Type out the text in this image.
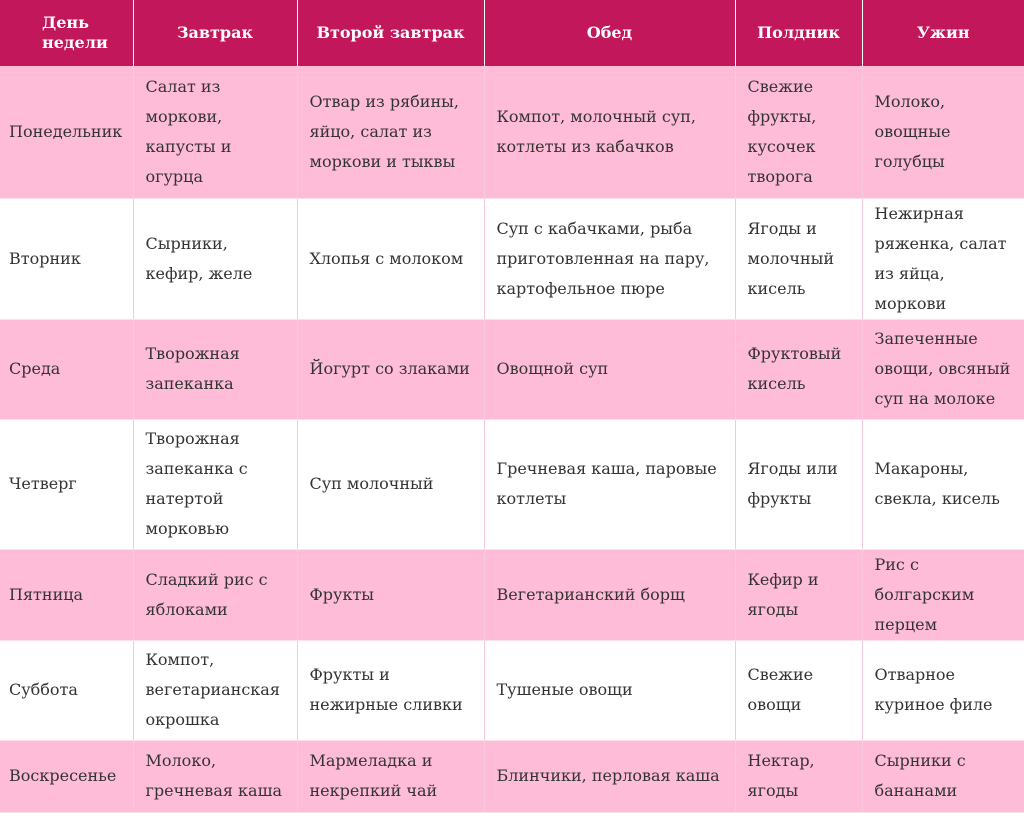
День недели	Завтрак	Второй завтрак	Обед	Полдник	Ужин
Понедельник	Салат из моркови, капусты и огурца	Отвар из рябины, яйцо, салат из моркови и тыквы	Компот, молочный суп, котлеты из кабачков	Свежие фрукты, кусочек творога	Молоко, овощные голубцы
Вторник	Сырники, кефир, желе	Хлопья с молоком	Суп с кабачками, рыба приготовленная на пару, картофельное пюре	Ягоды и молочный кисель	Нежирная ряженка, салат из яйца, моркови
Среда	Творожная запеканка	Йогурт со злаками	Овощной суп	Фруктовый кисель	Запеченные овощи, овсяный суп на молоке
Четверг	Творожная запеканка с натертой морковью	Суп молочный	Гречневая каша, паровые котлеты	Ягоды или фрукты	Макароны, свекла, кисель
Пятница	Сладкий рис с яблоками	Фрукты	Вегетарианский борщ	Кефир и ягоды	Рис с болгарским перцем
Суббота	Компот, вегетарианская окрошка	Фрукты и нежирные сливки	Тушеные овощи	Свежие овощи	Отварное куриное филе
Воскресенье	Молоко, гречневая каша	Мармеладка и некрепкий чай	Блинчики, перловая каша	Нектар, ягоды	Сырники с бананами
